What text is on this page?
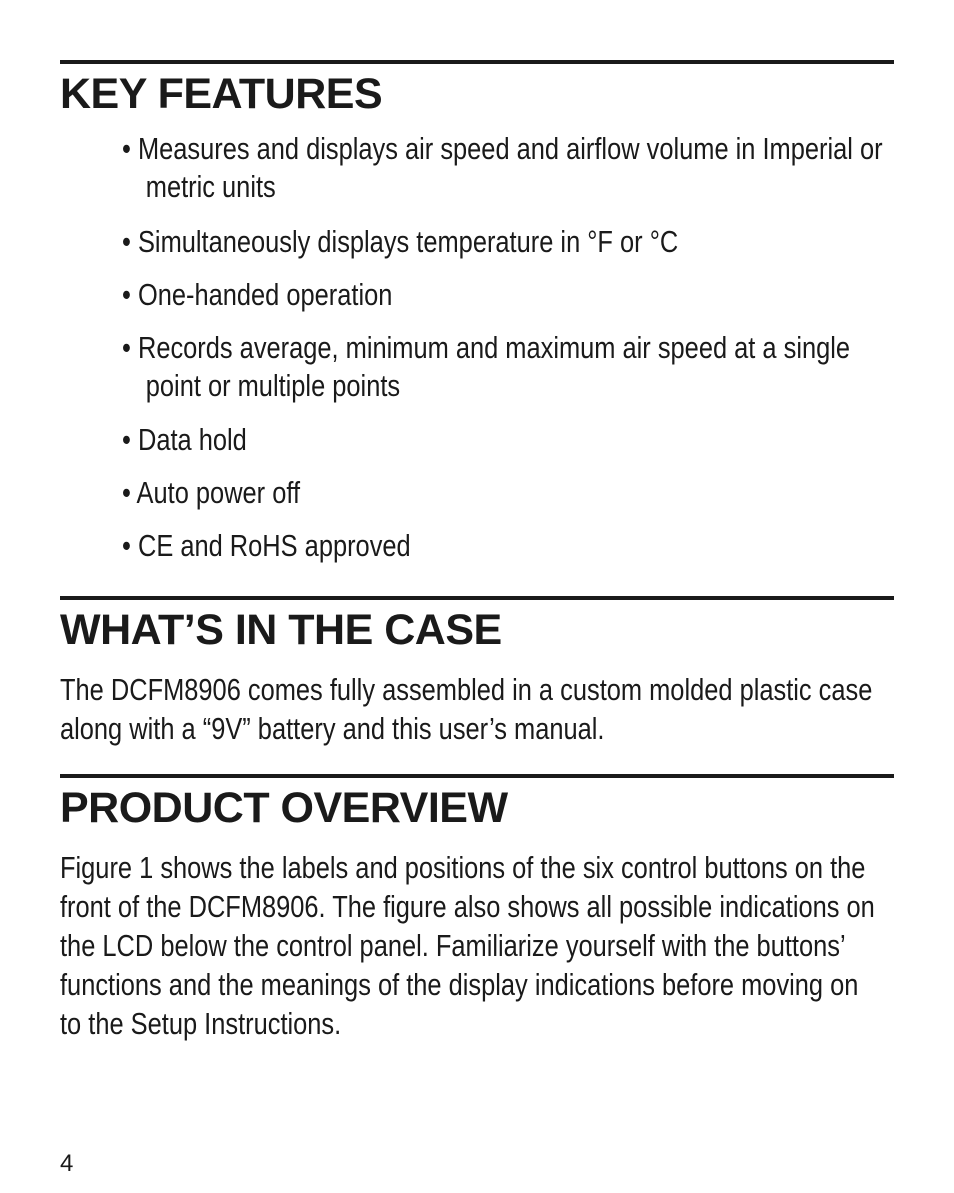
KEY FEATURES
• Measures and displays air speed and airflow volume in Imperial or metric units
• Simultaneously displays temperature in °F or °C
• One-handed operation
• Records average, minimum and maximum air speed at a single point or multiple points
• Data hold
• Auto power off
• CE and RoHS approved
WHAT’S IN THE CASE

The DCFM8906 comes fully assembled in a custom molded plastic case along with a “9V” battery and this user’s manual.

PRODUCT OVERVIEW

Figure 1 shows the labels and positions of the six control buttons on the front of the DCFM8906. The figure also shows all possible indications on the LCD below the control panel. Familiarize yourself with the buttons’ functions and the meanings of the display indications before moving on to the Setup Instructions.

4
